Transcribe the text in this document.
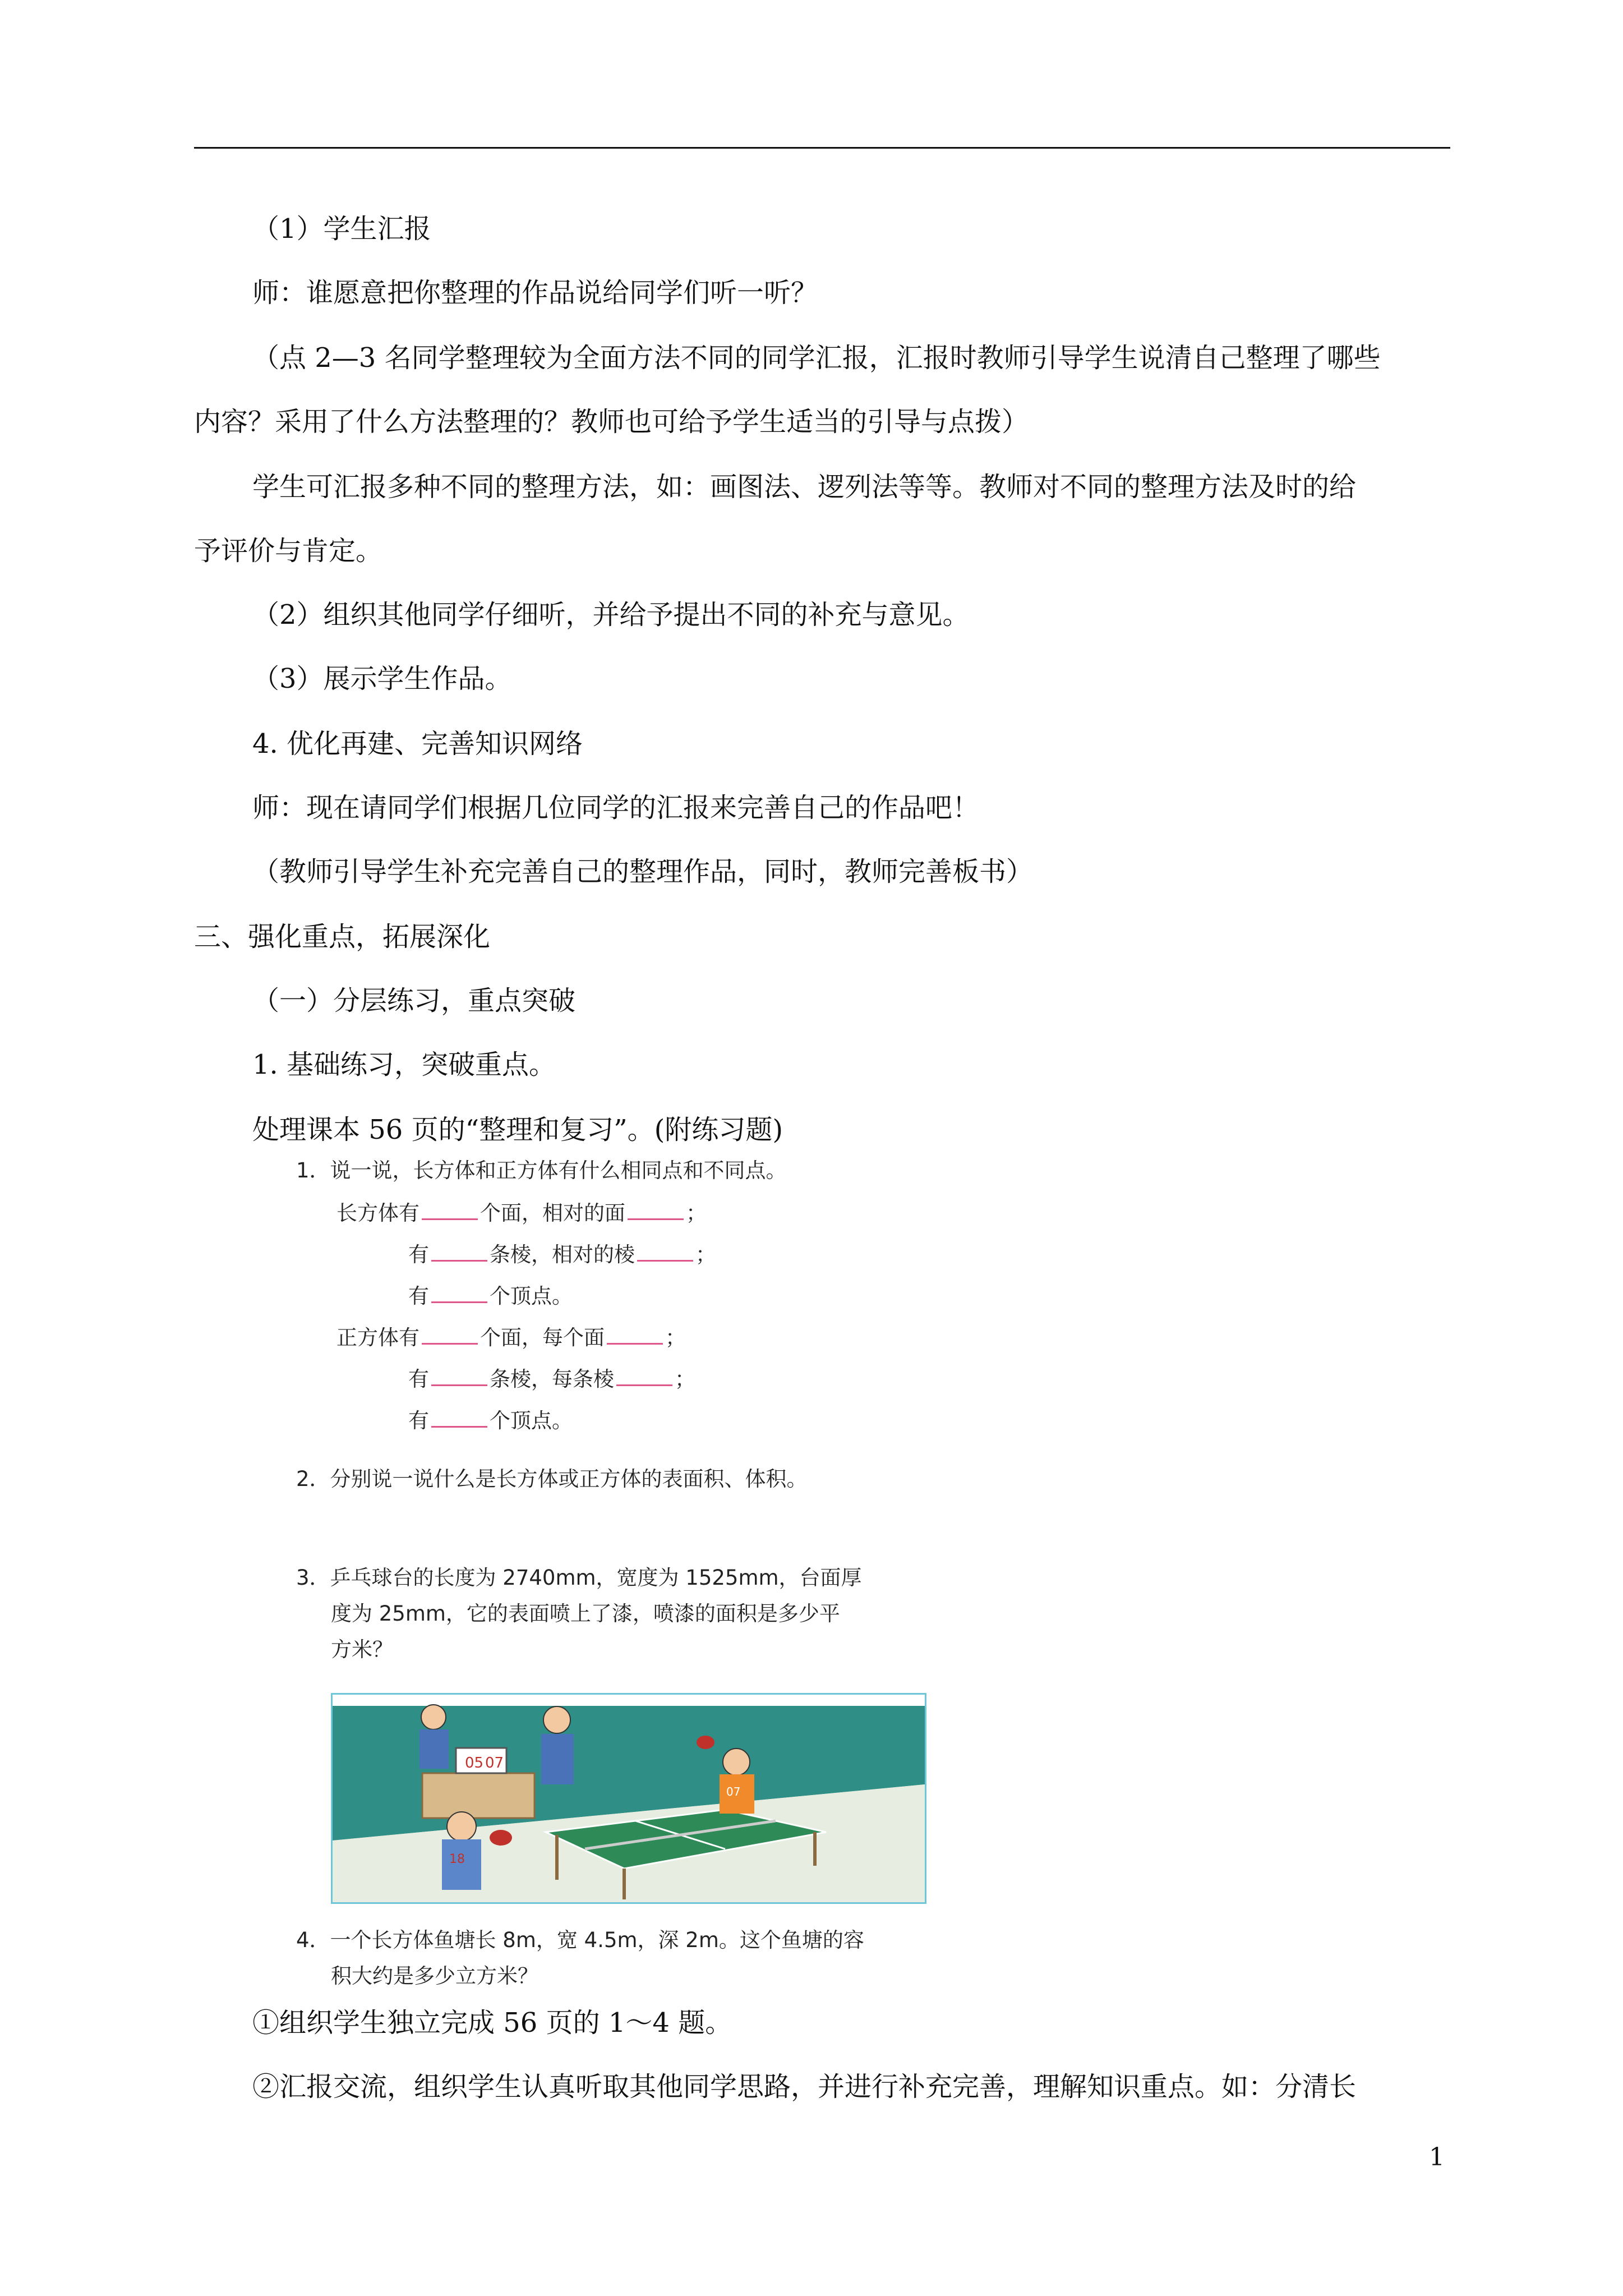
（1）学生汇报
师：谁愿意把你整理的作品说给同学们听一听？
（点 2—3 名同学整理较为全面方法不同的同学汇报，汇报时教师引导学生说清自己整理了哪些
内容？采用了什么方法整理的？教师也可给予学生适当的引导与点拨）
学生可汇报多种不同的整理方法，如：画图法、逻列法等等。教师对不同的整理方法及时的给
予评价与肯定。
（2）组织其他同学仔细听，并给予提出不同的补充与意见。
（3）展示学生作品。
4. 优化再建、完善知识网络
师：现在请同学们根据几位同学的汇报来完善自己的作品吧！
（教师引导学生补充完善自己的整理作品，同时，教师完善板书）
三、强化重点，拓展深化
（一）分层练习，重点突破
1. 基础练习，突破重点。
处理课本 56 页的“整理和复习”。(附练习题)
1．说一说，长方体和正方体有什么相同点和不同点。
长方体有	个面，相对的面	；
有	条棱，相对的棱	；
有	个顶点。
正方体有	个面，每个面	；
有	条棱，每条棱	；
有	个顶点。
2．分别说一说什么是长方体或正方体的表面积、体积。
3．乒乓球台的长度为 2740mm，宽度为 1525mm，台面厚
度为 25mm，它的表面喷上了漆，喷漆的面积是多少平
方米？
05 07
18
07
4．一个长方体鱼塘长 8m，宽 4.5m，深 2m。这个鱼塘的容
积大约是多少立方米？
①组织学生独立完成 56 页的 1～4 题。
②汇报交流，组织学生认真听取其他同学思路，并进行补充完善，理解知识重点。如：分清长
1
